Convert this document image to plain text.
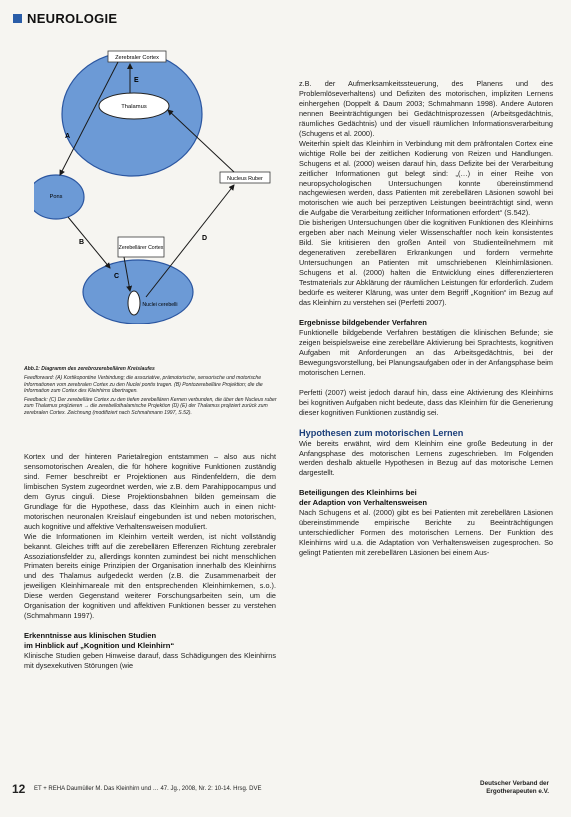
NEUROLOGIE
Zerebraler Cortex
Thalamus
Nucleus Ruber
Pons
Zerebellärer Cortex
Nuclei cerebelli
A
B
C
D
E

Abb.1: Diagramm des zerebrozerebellären Kreislaufes

Feedforward: (A) Kortikopontine Verbindung; die assoziative, prämotorische, sensorische und motorische Informationen vom zerebralen Cortex zu den Nuclei pontis tragen. (B) Pontozerebelläre Projektion; die die Information zum Cortex des Kleinhirns übertragen.

Feedback: (C) Der zerebelläre Cortex zu den tiefen zerebellären Kernen verbunden, die über den Nucleus ruber zum Thalamus projizieren → die zerebellothalamische Projektion (D) (E) der Thalamus projiziert zurück zum zerebralen Cortex. Zeichnung (modifiziert nach Schmahmann 1997, S.52).

Kortex und der hinteren Parietalregion entstammen – also aus nicht sensomotorischen Arealen, die für höhere kognitive Funktionen zuständig sind. Ferner beschreibt er Projektionen aus Rindenfeldern, die dem limbischen System zugeordnet werden, wie z.B. dem Parahippocampus und dem Gyrus cinguli. Diese Projektionsbahnen bilden gemeinsam die Grundlage für die Hypothese, dass das Kleinhirn auch in einen nicht-motorischen neuronalen Kreislauf eingebunden ist und neben motorischen, auch kognitive und affektive Verhaltensweisen moduliert.

Wie die Informationen im Kleinhirn verteilt werden, ist nicht vollständig bekannt. Gleiches trifft auf die zerebellären Efferenzen Richtung zerebraler Assoziationsfelder zu, allerdings konnten zumindest bei nicht menschlichen Primaten bereits einige Prinzipien der Organisation innerhalb des Kleinhirns und des Thalamus aufgedeckt werden (z.B. die Zusammenarbeit der jeweiligen Kleinhirnareale mit den entsprechenden Kleinhirnkernen, s.o.). Diese werden Gegenstand weiterer Forschungsarbeiten sein, um die Organisation der kognitiven und affektiven Funktionen besser zu verstehen (Schmahmann 1997).

Erkenntnisse aus klinischen Studien
im Hinblick auf „Kognition und Kleinhirn“

Klinische Studien geben Hinweise darauf, dass Schädigungen des Kleinhirns mit dysexekutiven Störungen (wie

z.B. der Aufmerksamkeitssteuerung, des Planens und des Problemlöseverhaltens) und Defiziten des motorischen, impliziten Lernens einhergehen (Doppelt & Daum 2003; Schmahmann 1998). Andere Autoren nennen Beeinträchtigungen bei Gedächtnisprozessen (Arbeitsgedächtnis, räumliches Gedächtnis) und der visuell räumlichen Informationsverarbeitung (Schugens et al. 2000).

Weiterhin spielt das Kleinhirn in Verbindung mit dem präfrontalen Cortex eine wichtige Rolle bei der zeitlichen Kodierung von Reizen und Handlungen. Schugens et al. (2000) weisen darauf hin, dass Defizite bei der Verarbeitung zeitlicher Informationen gut belegt sind: „(…) in einer Reihe von neuropsychologischen Untersuchungen konnte übereinstimmend nachgewiesen werden, dass Patienten mit zerebellären Läsionen sowohl bei motorischen wie auch bei perzeptiven Leistungen beeinträchtigt sind, wenn die Aufgabe die Verarbeitung zeitlicher Informationen erfordert“ (S.542).

Die bisherigen Untersuchungen über die kognitiven Funktionen des Kleinhirns ergeben aber nach Meinung vieler Wissenschaftler noch kein konsistentes Bild. Sie kritisieren den großen Anteil von Studienteilnehmern mit degenerativen zerebellären Erkrankungen und fordern vermehrte Untersuchungen an Patienten mit umschriebenen Kleinhirnläsionen. Schugens et al. (2000) halten die Entwicklung eines differenzierteren Testmaterials zur Abklärung der räumlichen Leistungen für erforderlich. Zudem bedürfe es weiterer Klärung, was unter dem Begriff „Kognition“ im Bezug auf das Kleinhirn zu verstehen sei (Perfetti 2007).

Ergebnisse bildgebender Verfahren

Funktionelle bildgebende Verfahren bestätigen die klinischen Befunde; sie zeigen beispielsweise eine zerebelläre Aktivierung bei Sprachtests, kognitiven Aufgaben mit Anforderungen an das Arbeitsgedächtnis, bei der Bewegungsvorstellung, bei Planungsaufgaben oder in der Anfangsphase beim motorischen Lernen.

Perfetti (2007) weist jedoch darauf hin, dass eine Aktivierung des Kleinhirns bei kognitiven Aufgaben nicht bedeute, dass das Kleinhirn für die Generierung dieser kognitiven Funktionen zuständig sei.

Hypothesen zum motorischen Lernen

Wie bereits erwähnt, wird dem Kleinhirn eine große Bedeutung in der Anfangsphase des motorischen Lernens zugeschrieben. Im Folgenden werden deshalb aktuelle Hypothesen in Bezug auf das motorische Lernen dargestellt.

Beteiligungen des Kleinhirns bei
der Adaption von Verhaltensweisen

Nach Schugens et al. (2000) gibt es bei Patienten mit zerebellären Läsionen übereinstimmende empirische Berichte zu Beeinträchtigungen unterschiedlicher Formen des motorischen Lernens. Der Funktion des Kleinhirns wird u.a. die Adaptation von Verhaltensweisen zugesprochen. So gelingt Patienten mit zerebellären Läsionen bei einem Aus-

12 ET + REHA Daumüller M. Das Kleinhirn und … 47. Jg., 2008, Nr. 2: 10-14. Hrsg. DVE
Deutscher Verband der
Ergotherapeuten e.V.
